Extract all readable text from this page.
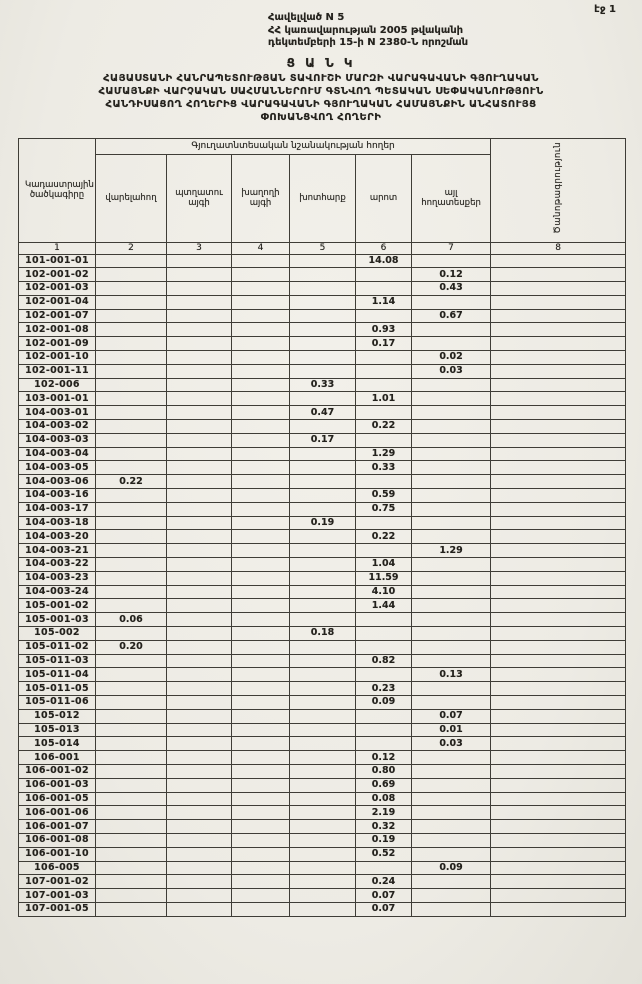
էջ 1
Հավելված N 5
ՀՀ կառավարության 2005 թվականի
դեկտեմբերի 15-ի N 2380-Ն որոշման
Ց Ա Ն Կ
ՀԱՅԱՍՏԱՆԻ ՀԱՆՐԱՊԵՏՈՒԹՅԱՆ ՏԱՎՈՒՇԻ ՄԱՐԶԻ ՎԱՐԱԳԱՎԱՆԻ ԳՅՈՒՂԱԿԱՆ
ՀԱՄԱՅՆՔԻ ՎԱՐՉԱԿԱՆ ՍԱՀՄԱՆՆԵՐՈՒՄ ԳՏՆՎՈՂ ՊԵՏԱԿԱՆ ՍԵՓԱԿԱՆՈՒԹՅՈՒՆ
ՀԱՆԴԻՍԱՑՈՂ ՀՈՂԵՐԻՑ ՎԱՐԱԳԱՎԱՆԻ ԳՅՈՒՂԱԿԱՆ ՀԱՄԱՅՆՔԻՆ ԱՆՀԱՏՈՒՅՑ
ՓՈԽԱՆՑՎՈՂ ՀՈՂԵՐԻ
Կադաստրային ծածկագիրը	Գյուղատնտեսական նշանակության հողեր						Ծանոթագրություն
	վարելահող	պտղատու այգի	խաղողի այգի	խոտհարք	արոտ	այլ հողատեսքեր	
1	2	3	4	5	6	7	8
101-001-01					14.08		
102-001-02						0.12	
102-001-03						0.43	
102-001-04					1.14		
102-001-07						0.67	
102-001-08					0.93		
102-001-09					0.17		
102-001-10						0.02	
102-001-11						0.03	
102-006				0.33			
103-001-01					1.01		
104-003-01				0.47			
104-003-02					0.22		
104-003-03				0.17			
104-003-04					1.29		
104-003-05					0.33		
104-003-06	0.22						
104-003-16					0.59		
104-003-17					0.75		
104-003-18				0.19			
104-003-20					0.22		
104-003-21						1.29	
104-003-22					1.04		
104-003-23					11.59		
104-003-24					4.10		
105-001-02					1.44		
105-001-03	0.06						
105-002				0.18			
105-011-02	0.20						
105-011-03					0.82		
105-011-04						0.13	
105-011-05					0.23		
105-011-06					0.09		
105-012						0.07	
105-013						0.01	
105-014						0.03	
106-001					0.12		
106-001-02					0.80		
106-001-03					0.69		
106-001-05					0.08		
106-001-06					2.19		
106-001-07					0.32		
106-001-08					0.19		
106-001-10					0.52		
106-005						0.09	
107-001-02					0.24		
107-001-03					0.07		
107-001-05					0.07		
